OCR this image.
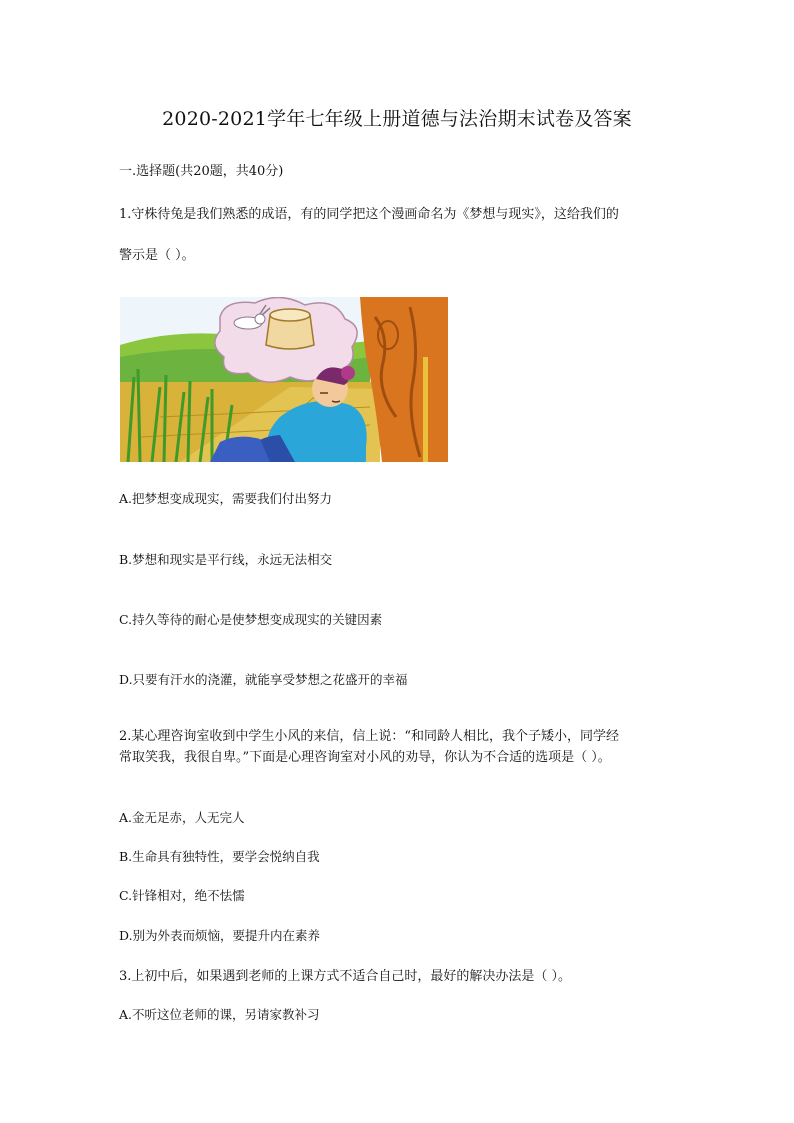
2020-2021学年七年级上册道德与法治期末试卷及答案
一.选择题(共20题，共40分)
1.守株待兔是我们熟悉的成语，有的同学把这个漫画命名为《梦想与现实》，这给我们的
警示是（ ）。
A.把梦想变成现实，需要我们付出努力
B.梦想和现实是平行线，永远无法相交
C.持久等待的耐心是使梦想变成现实的关键因素
D.只要有汗水的浇灌，就能享受梦想之花盛开的幸福
2.某心理咨询室收到中学生小风的来信，信上说：“和同龄人相比，我个子矮小，同学经
常取笑我，我很自卑。”下面是心理咨询室对小风的劝导，你认为不合适的选项是（ ）。
A.金无足赤，人无完人
B.生命具有独特性，要学会悦纳自我
C.针锋相对，绝不怯懦
D.别为外表而烦恼，要提升内在素养
3.上初中后，如果遇到老师的上课方式不适合自己时，最好的解决办法是（ ）。
A.不听这位老师的课，另请家教补习
